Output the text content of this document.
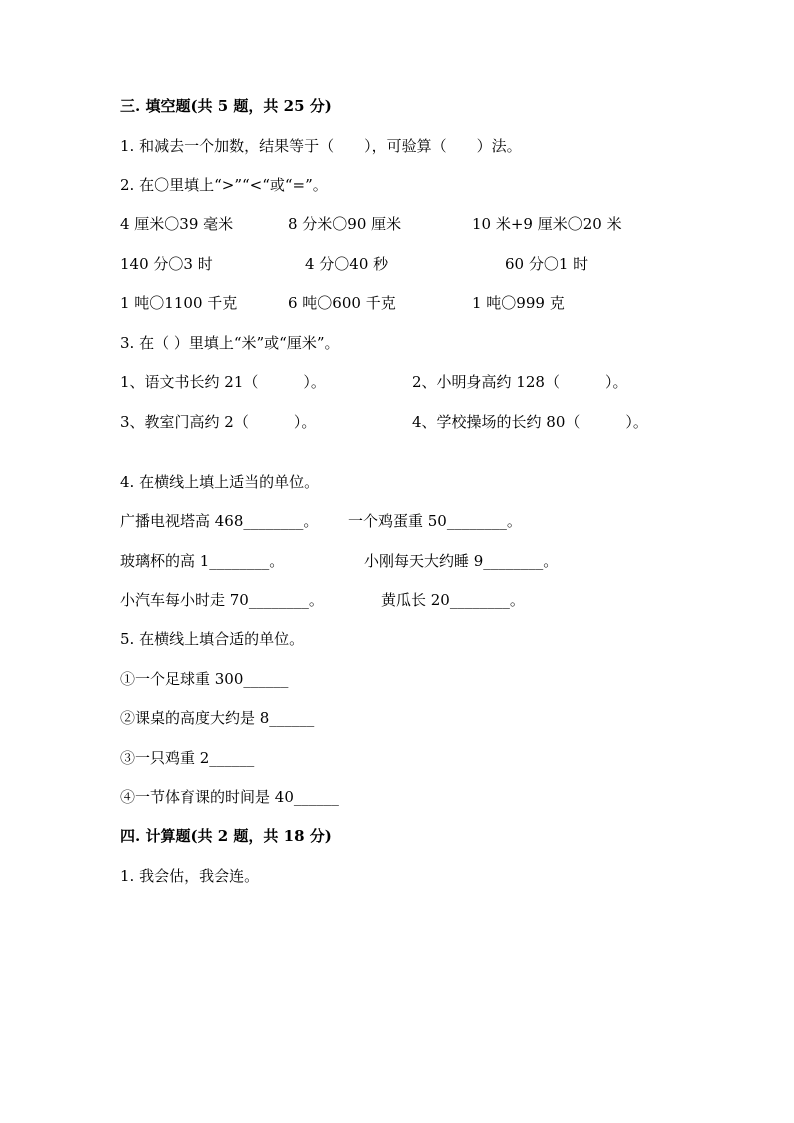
三. 填空题(共 5 题，共 25 分)
1. 和减去一个加数，结果等于（　　），可验算（　　）法。
2. 在〇里填上“>”“<“或“=”。
4 厘米〇39 毫米	8 分米〇90 厘米	10 米+9 厘米〇20 米
140 分〇3 时	4 分〇40 秒	60 分〇1 时
1 吨〇1100 千克	6 吨〇600 千克	1 吨〇999 克
3. 在（ ）里填上“米”或“厘米”。
1、语文书长约 21（　　　）。	2、小明身高约 128（　　　）。
3、教室门高约 2（　　　）。	4、学校操场的长约 80（　　　）。
4. 在横线上填上适当的单位。
广播电视塔高 468________。 一个鸡蛋重 50________。
玻璃杯的高 1________。	小刚每天大约睡 9________。
小汽车每小时走 70________。	黄瓜长 20________。
5. 在横线上填合适的单位。
①一个足球重 300______
②课桌的高度大约是 8______
③一只鸡重 2______
④一节体育课的时间是 40______
四. 计算题(共 2 题，共 18 分)
1. 我会估，我会连。
